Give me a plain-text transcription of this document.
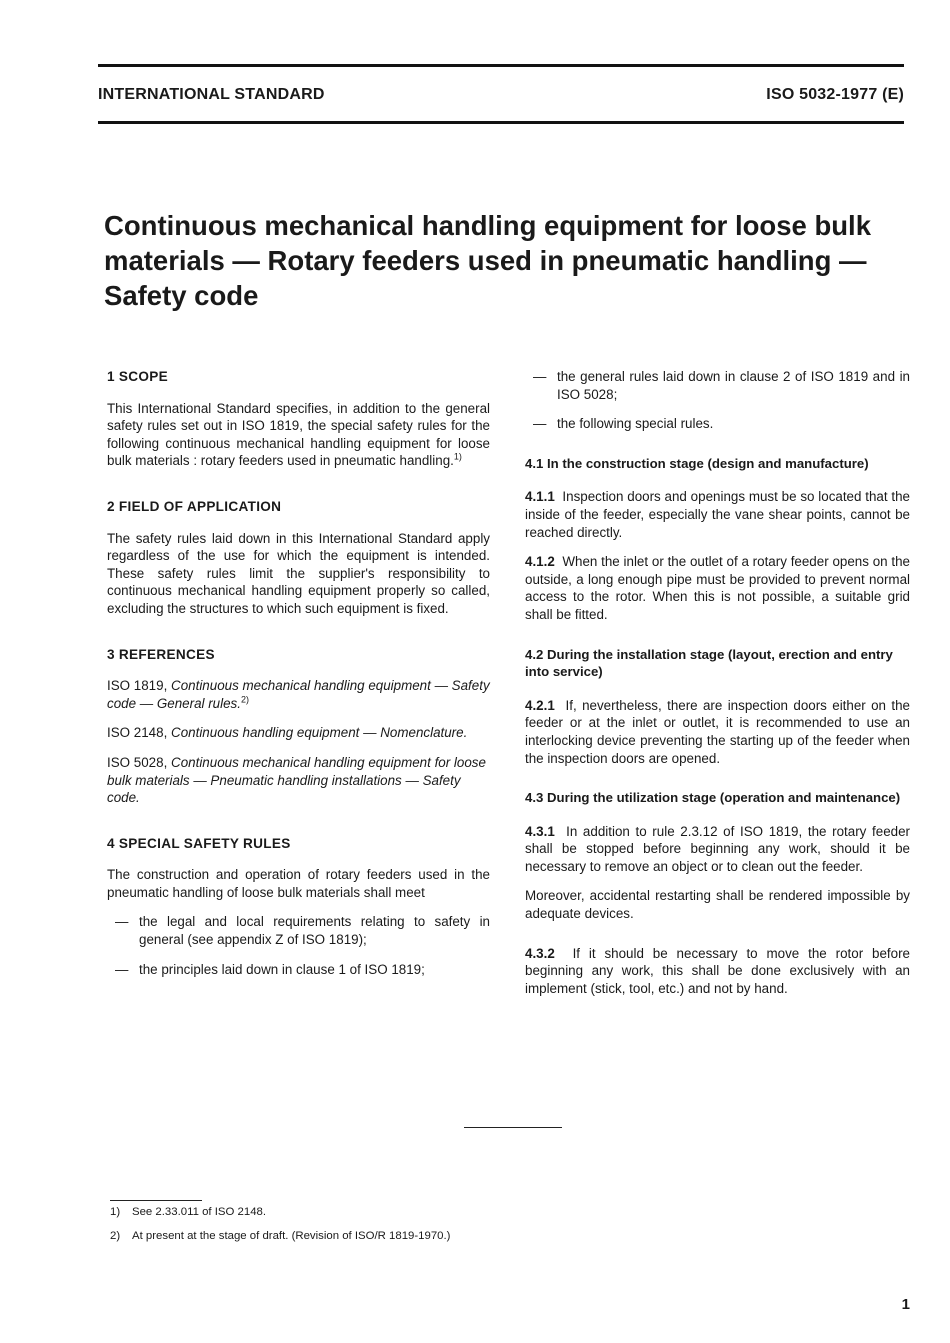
INTERNATIONAL STANDARD	ISO 5032-1977 (E)
Continuous mechanical handling equipment for loose bulk
materials — Rotary feeders used in pneumatic handling —
Safety code
1 SCOPE

This International Standard specifies, in addition to the general safety rules set out in ISO 1819, the special safety rules for the following continuous mechanical handling equipment for loose bulk materials : rotary feeders used in pneumatic handling.$^{1)}$

2 FIELD OF APPLICATION

The safety rules laid down in this International Standard apply regardless of the use for which the equipment is intended. These safety rules limit the supplier's responsibility to continuous mechanical handling equipment properly so called, excluding the structures to which such equipment is fixed.

3 REFERENCES

ISO 1819, Continuous mechanical handling equipment — Safety code — General rules.$^{2)}$

ISO 2148, Continuous handling equipment — Nomenclature.

ISO 5028, Continuous mechanical handling equipment for loose bulk materials — Pneumatic handling installations — Safety code.

4 SPECIAL SAFETY RULES

The construction and operation of rotary feeders used in the pneumatic handling of loose bulk materials shall meet

— the legal and local requirements relating to safety in general (see appendix Z of ISO 1819);
— the principles laid down in clause 1 of ISO 1819;
— the general rules laid down in clause 2 of ISO 1819 and in ISO 5028;
— the following special rules.
4.1 In the construction stage (design and manufacture)

4.1.1 Inspection doors and openings must be so located that the inside of the feeder, especially the vane shear points, cannot be reached directly.

4.1.2 When the inlet or the outlet of a rotary feeder opens on the outside, a long enough pipe must be provided to prevent normal access to the rotor. When this is not possible, a suitable grid shall be fitted.

4.2 During the installation stage (layout, erection and entry into service)

4.2.1 If, nevertheless, there are inspection doors either on the feeder or at the inlet or outlet, it is recommended to use an interlocking device preventing the starting up of the feeder when the inspection doors are opened.

4.3 During the utilization stage (operation and maintenance)

4.3.1 In addition to rule 2.3.12 of ISO 1819, the rotary feeder shall be stopped before beginning any work, should it be necessary to remove an object or to clean out the feeder.

Moreover, accidental restarting shall be rendered impossible by adequate devices.

4.3.2 If it should be necessary to move the rotor before beginning any work, this shall be done exclusively with an implement (stick, tool, etc.) and not by hand.

1) See 2.33.011 of ISO 2148.
2) At present at the stage of draft. (Revision of ISO/R 1819-1970.)
1
